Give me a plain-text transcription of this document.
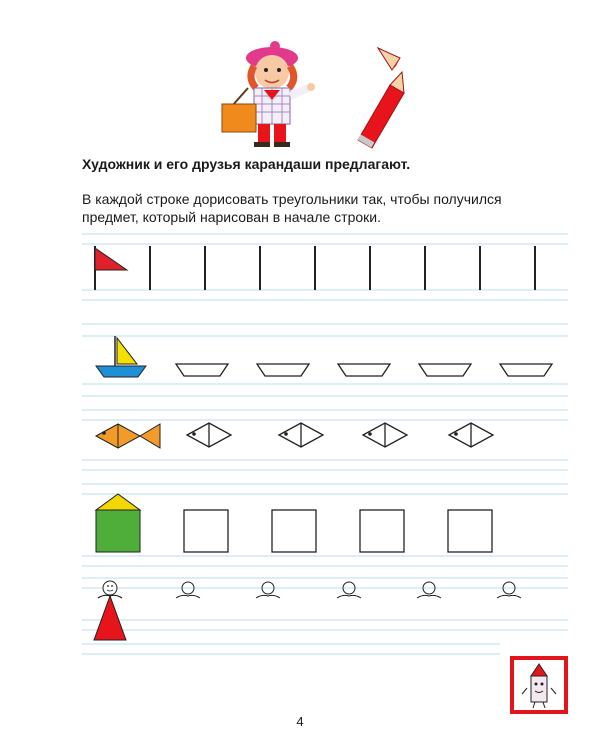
Художник и его друзья карандаши предлагают.
В каждой строке дорисовать треугольники так, чтобы получился
предмет, который нарисован в начале строки.
4
